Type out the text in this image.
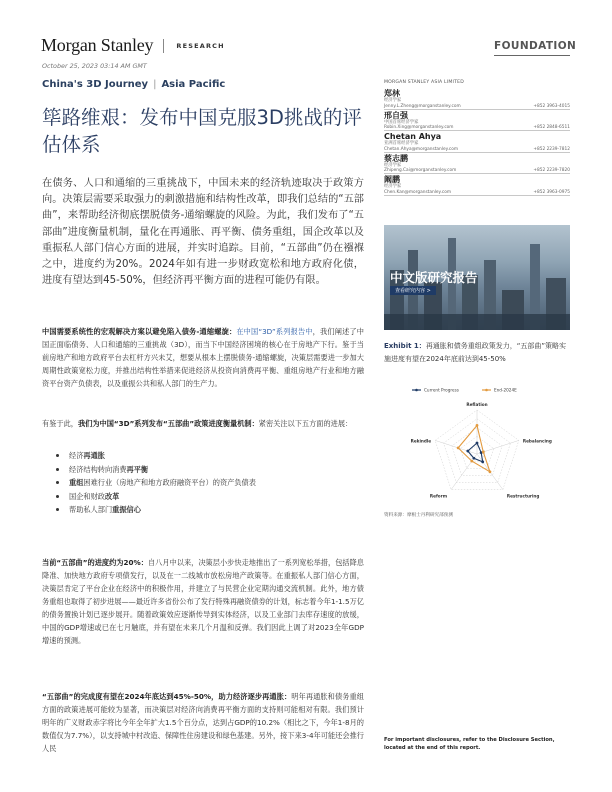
Morgan Stanley	RESEARCH	FOUNDATION
October 25, 2023 03:14 AM GMT
China's 3D Journey | Asia Pacific
筚路维艰：发布中国克服3D挑战的评估体系
在债务、人口和通缩的三重挑战下，中国未来的经济轨迹取决于政策方向。决策层需要采取强力的刺激措施和结构性改革，即我们总结的“五部曲”，来帮助经济彻底摆脱债务-通缩螺旋的风险。为此，我们发布了“五部曲”进度衡量机制，量化在再通胀、再平衡、债务重组，国企改革以及重振私人部门信心方面的进展，并实时追踪。目前，“五部曲”仍在襁褓之中，进度约为20%。2024年如有进一步财政宽松和地方政府化债，进度有望达到45-50%，但经济再平衡方面的进程可能仍有限。
中国需要系统性的宏观解决方案以避免陷入债务-通缩螺旋：在中国“3D”系列报告中，我们阐述了中国正面临债务、人口和通缩的三重挑战（3D），而当下中国经济困境的核心在于房地产下行。鉴于当前房地产和地方政府平台去杠杆方兴未艾，想要从根本上摆脱债务-通缩螺旋，决策层需要进一步加大周期性政策宽松力度，并推出结构性举措来促进经济从投资向消费再平衡、重组房地产行业和地方融资平台资产负债表，以及重振公共和私人部门的生产力。
有鉴于此，我们为中国“3D”系列发布“五部曲”政策进度衡量机制：紧密关注以下五方面的进展：
经济再通胀
经济结构转向消费再平衡
重组困难行业（房地产和地方政府融资平台）的资产负债表
国企和财政改革
帮助私人部门重振信心
当前“五部曲”的进度约为20%：自八月中以来，决策层小步快走地推出了一系列宽松举措，包括降息降准、加快地方政府专项债发行，以及在一二线城市放松房地产政策等。在重振私人部门信心方面，决策层肯定了平台企业在经济中的积极作用，并建立了与民营企业定期沟通交流机制。此外，地方债务重组也取得了初步进展——最近许多省份公布了发行特殊再融资债券的计划，标志着今年1-1.5万亿的债务置换计划已逐步展开。随着政策效应逐渐传导到实体经济，以及工业部门去库存速度的放缓，中国的GDP增速或已在七月触底，并有望在未来几个月温和反弹。我们因此上调了对2023全年GDP增速的预测。
“五部曲”的完成度有望在2024年底达到45%-50%，助力经济逐步再通胀：明年再通胀和债务重组方面的政策进展可能较为显著，而决策层对经济向消费再平衡方面的支持则可能相对有限。我们预计明年的广义财政赤字将比今年全年扩大1.5个百分点，达到占GDP的10.2%（相比之下，今年1-8月的数值仅为7.7%），以支持城中村改造、保障性住房建设和绿色基建。另外，接下来3-4年可能还会推行人民
MORGAN STANLEY ASIA LIMITED
郑林
经济学家
Jenny.L.Zheng@morganstanley.com	+852 3963-4015
邢自强
中国首席经济学家
Robin.Xing@morganstanley.com	+852 2848-6511
Chetan Ahya
亚洲首席经济学家
Chetan.Ahya@morganstanley.com	+852 2239-7812
蔡志鹏
经济学家
Zhipeng.Cai@morganstanley.com	+852 2239-7820
阚鹏
经济学家
Chen.Kan@morganstanley.com	+852 3963-0975
中文版研究报告
查看研究内容 >
Exhibit 1：再通胀和债务重组政策发力，“五部曲”策略实施进度有望在2024年底前达到45-50%
Current Progress	End-2024E
Reflation
Rebalancing
Restructuring
Reform
Rekindle
资料来源：摩根士丹利研究部预测
For important disclosures, refer to the Disclosure Section, located at the end of this report.
